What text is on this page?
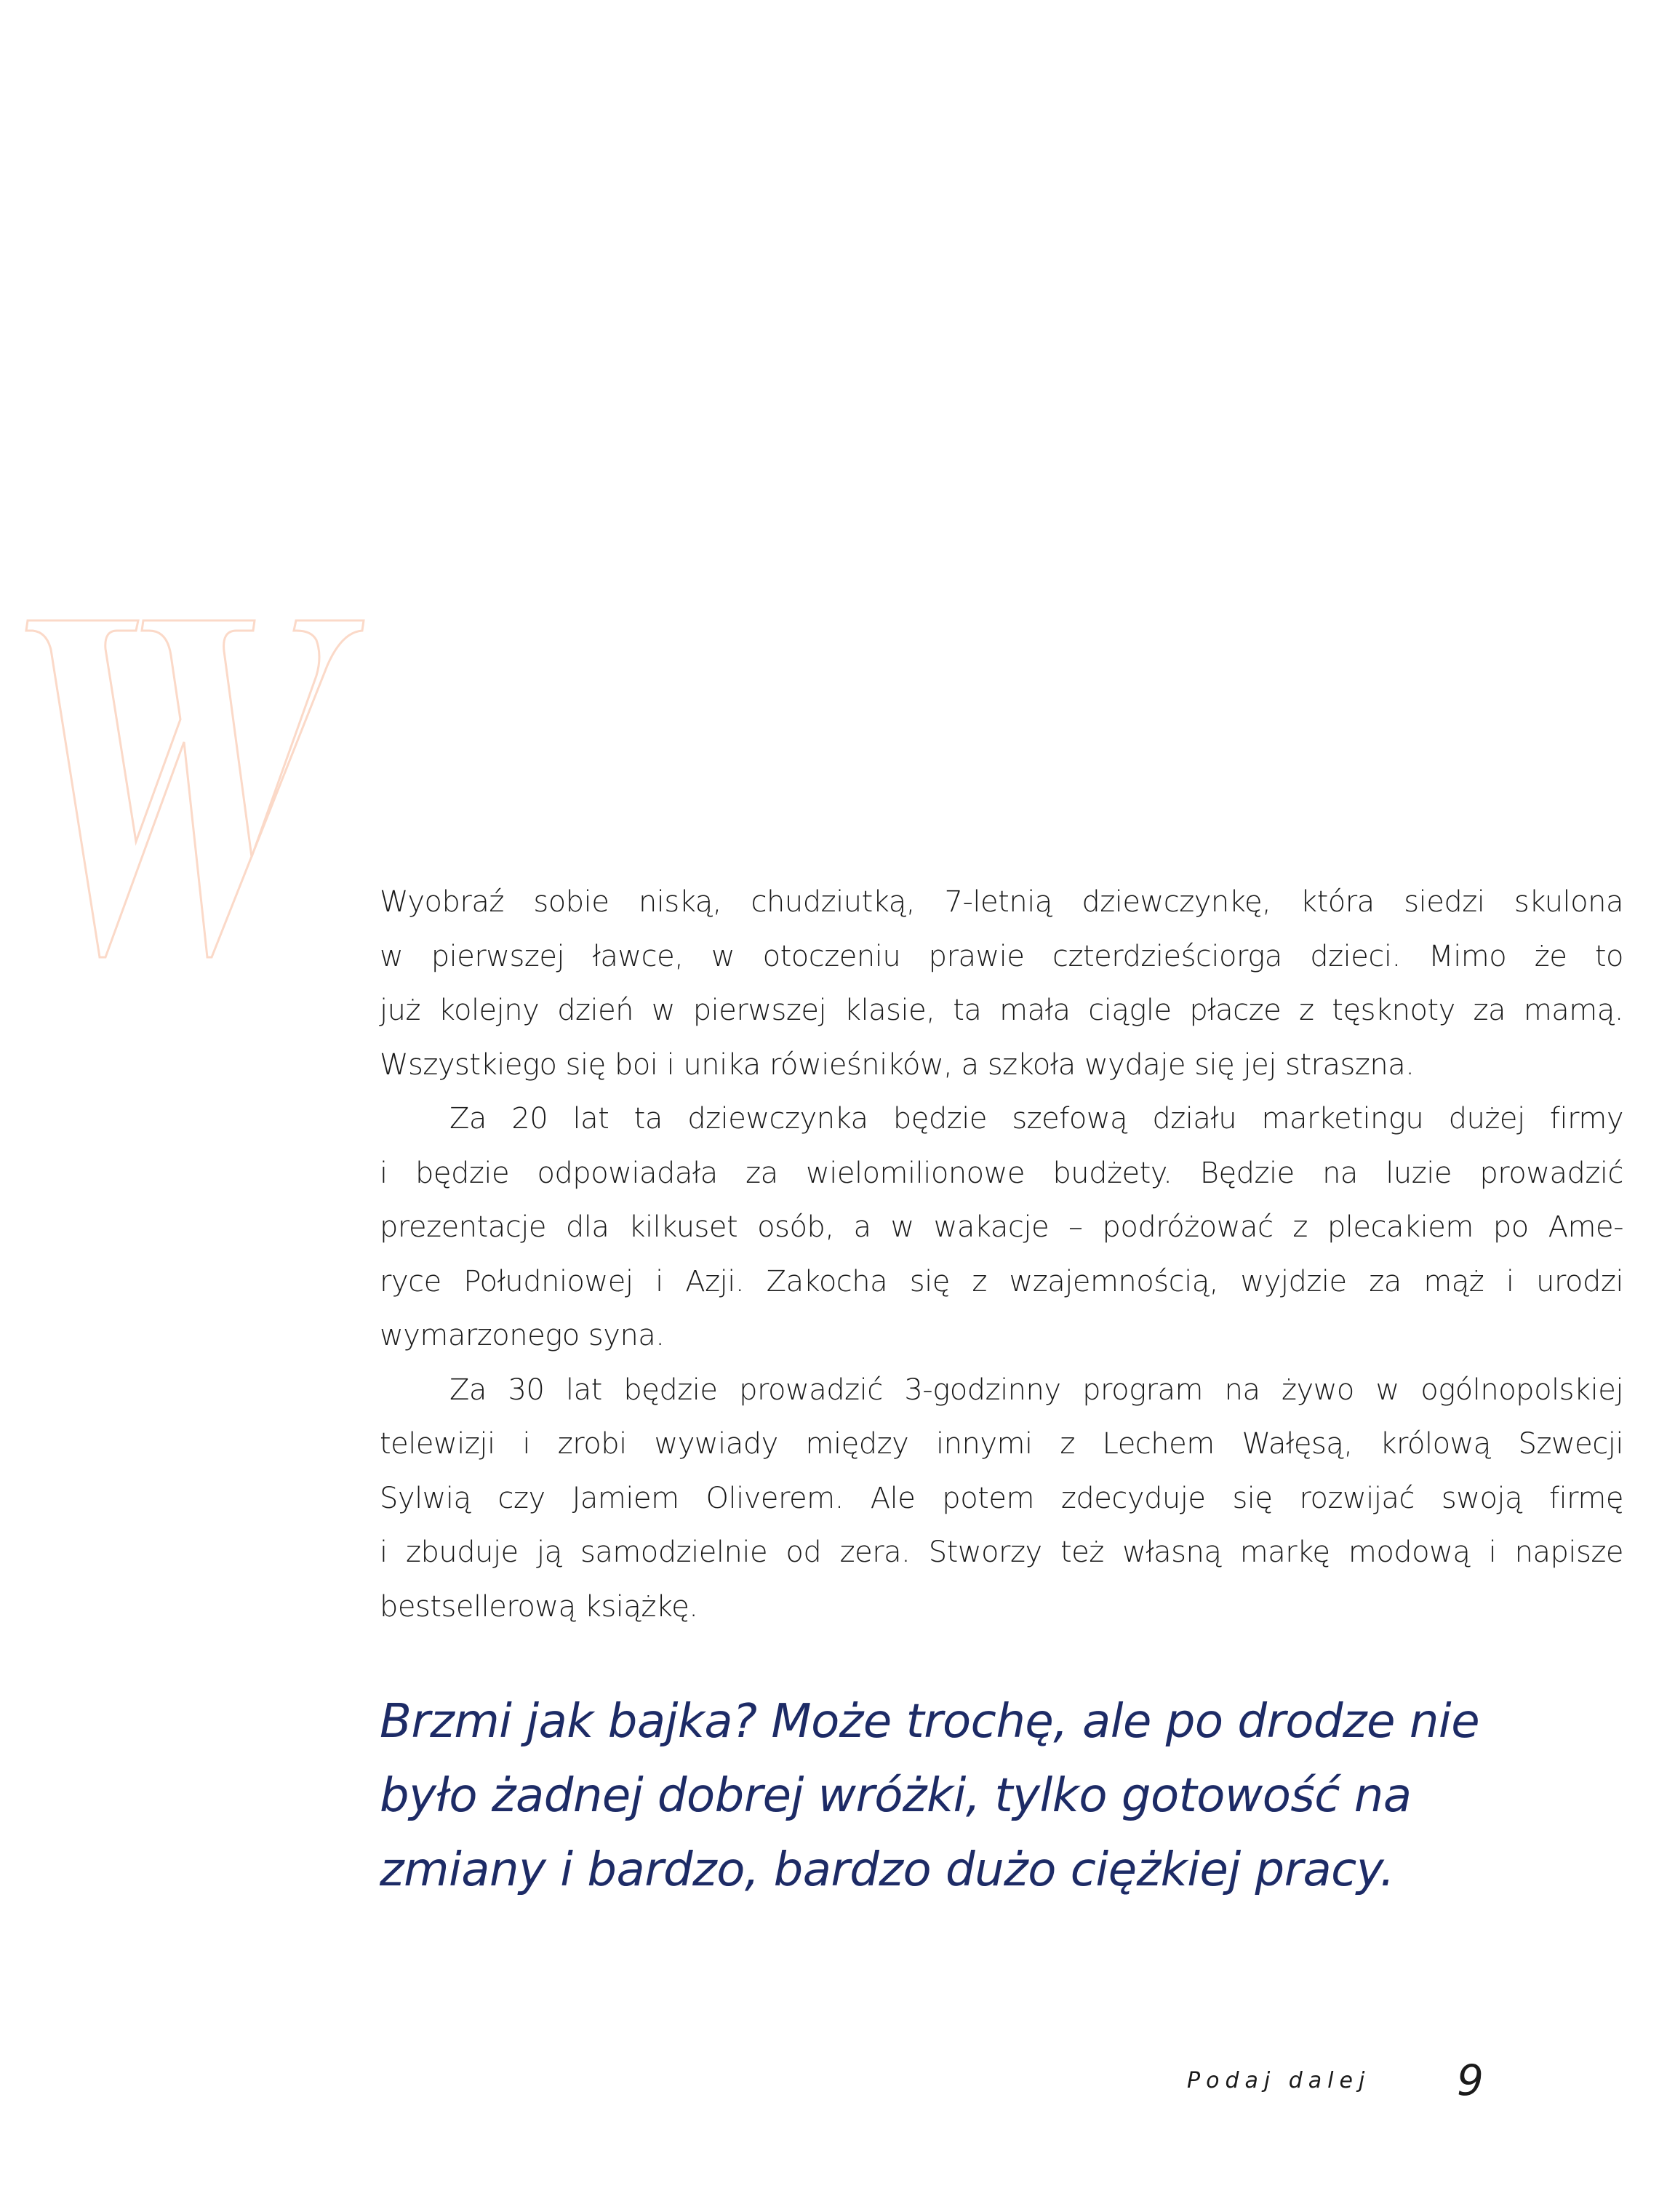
Wyobraź sobie niską, chudziutką, 7-letnią dziewczynkę, która siedzi skulona
w pierwszej ławce, w otoczeniu prawie czterdzieściorga dzieci. Mimo że to
już kolejny dzień w pierwszej klasie, ta mała ciągle płacze z tęsknoty za mamą.
Wszystkiego się boi i unika rówieśników, a szkoła wydaje się jej straszna.

Za 20 lat ta dziewczynka będzie szefową działu marketingu dużej firmy
i będzie odpowiadała za wielomilionowe budżety. Będzie na luzie prowadzić
prezentacje dla kilkuset osób, a w wakacje – podróżować z plecakiem po Ame-
ryce Południowej i Azji. Zakocha się z wzajemnością, wyjdzie za mąż i urodzi
wymarzonego syna.

Za 30 lat będzie prowadzić 3-godzinny program na żywo w ogólnopolskiej
telewizji i zrobi wywiady między innymi z Lechem Wałęsą, królową Szwecji
Sylwią czy Jamiem Oliverem. Ale potem zdecyduje się rozwijać swoją firmę
i zbuduje ją samodzielnie od zera. Stworzy też własną markę modową i napisze
bestsellerową książkę.

Brzmi jak bajka? Może trochę, ale po drodze nie
było żadnej dobrej wróżki, tylko gotowość na
zmiany i bardzo, bardzo dużo ciężkiej pracy.
Podaj dalej 9
